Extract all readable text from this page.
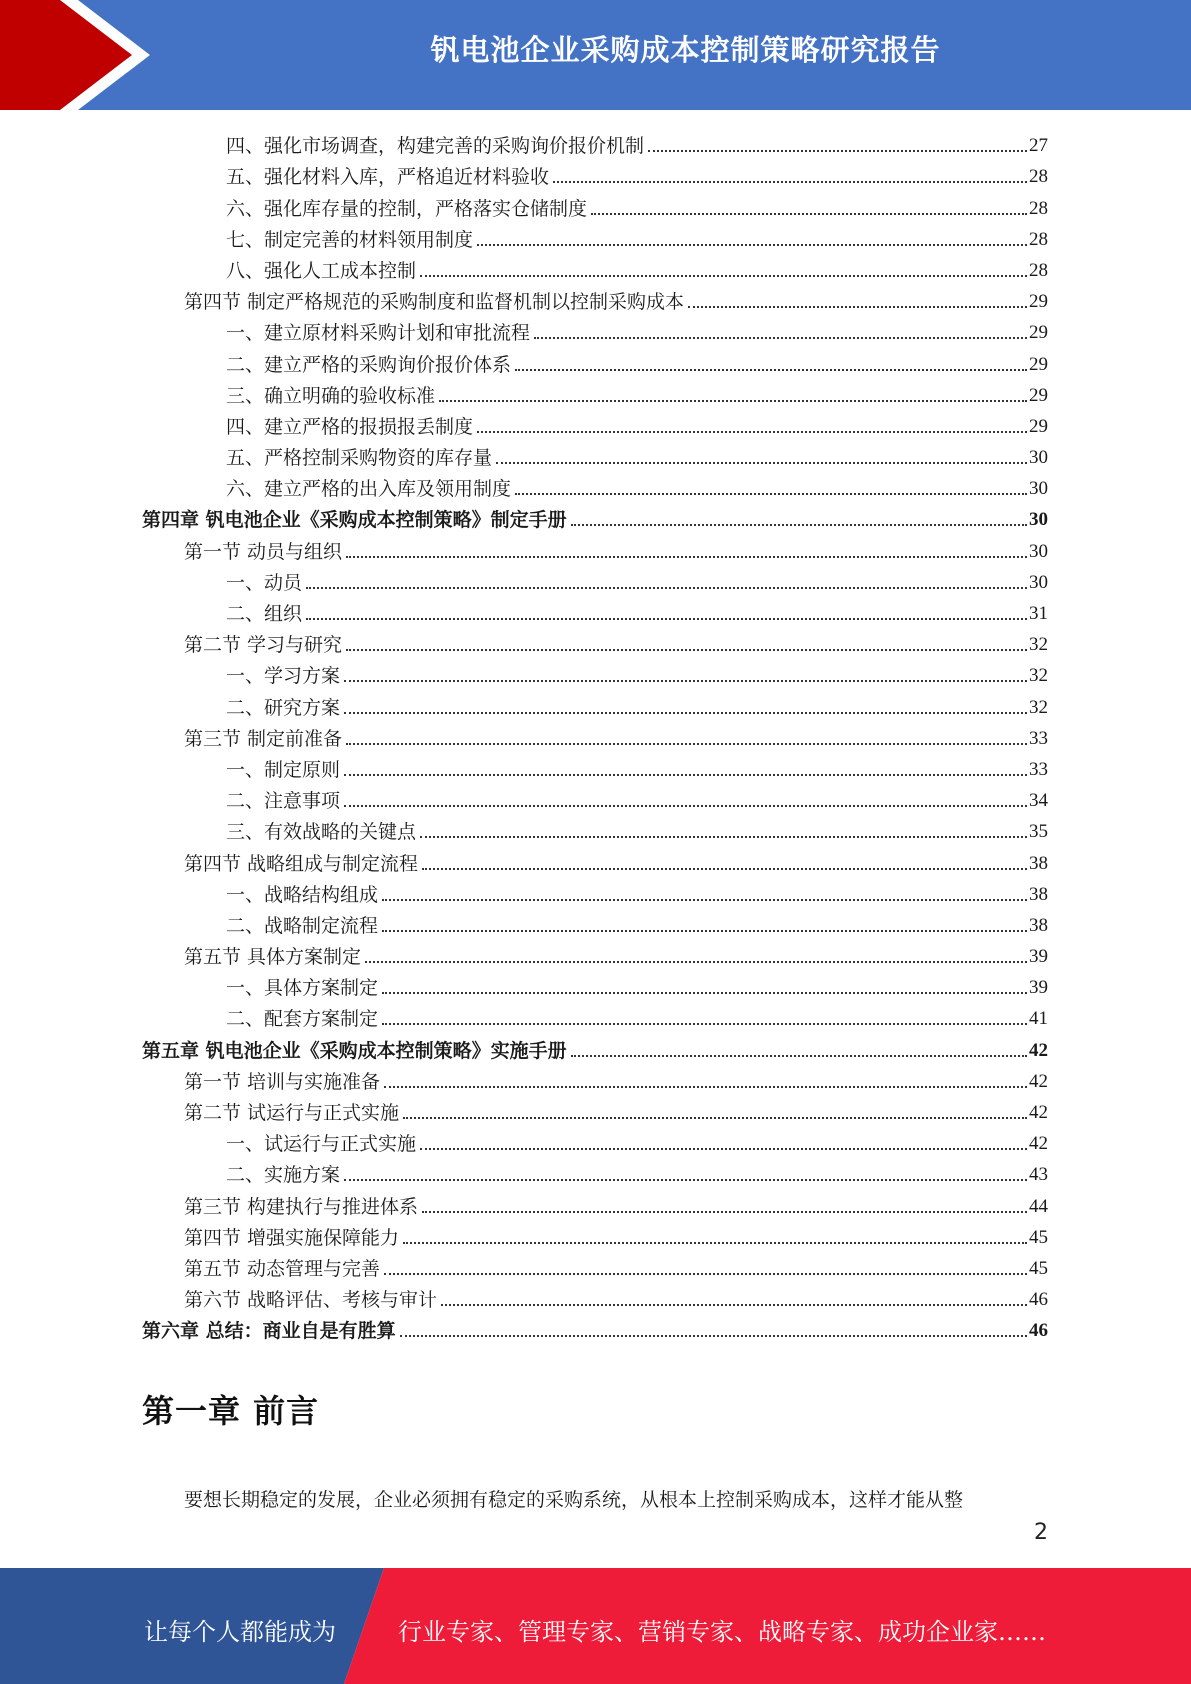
钒电池企业采购成本控制策略研究报告
四、强化市场调查，构建完善的采购询价报价机制	27
五、强化材料入库，严格追近材料验收	28
六、强化库存量的控制，严格落实仓储制度	28
七、制定完善的材料领用制度	28
八、强化人工成本控制	28
第四节 制定严格规范的采购制度和监督机制以控制采购成本	29
一、建立原材料采购计划和审批流程	29
二、建立严格的采购询价报价体系	29
三、确立明确的验收标准	29
四、建立严格的报损报丢制度	29
五、严格控制采购物资的库存量	30
六、建立严格的出入库及领用制度	30
第四章 钒电池企业《采购成本控制策略》制定手册	30
第一节 动员与组织	30
一、动员	30
二、组织	31
第二节 学习与研究	32
一、学习方案	32
二、研究方案	32
第三节 制定前准备	33
一、制定原则	33
二、注意事项	34
三、有效战略的关键点	35
第四节 战略组成与制定流程	38
一、战略结构组成	38
二、战略制定流程	38
第五节 具体方案制定	39
一、具体方案制定	39
二、配套方案制定	41
第五章 钒电池企业《采购成本控制策略》实施手册	42
第一节 培训与实施准备	42
第二节 试运行与正式实施	42
一、试运行与正式实施	42
二、实施方案	43
第三节 构建执行与推进体系	44
第四节 增强实施保障能力	45
第五节 动态管理与完善	45
第六节 战略评估、考核与审计	46
第六章 总结：商业自是有胜算	46
第一章 前言
要想长期稳定的发展，企业必须拥有稳定的采购系统，从根本上控制采购成本，这样才能从整
2
让每个人都能成为	行业专家、管理专家、营销专家、战略专家、成功企业家……
